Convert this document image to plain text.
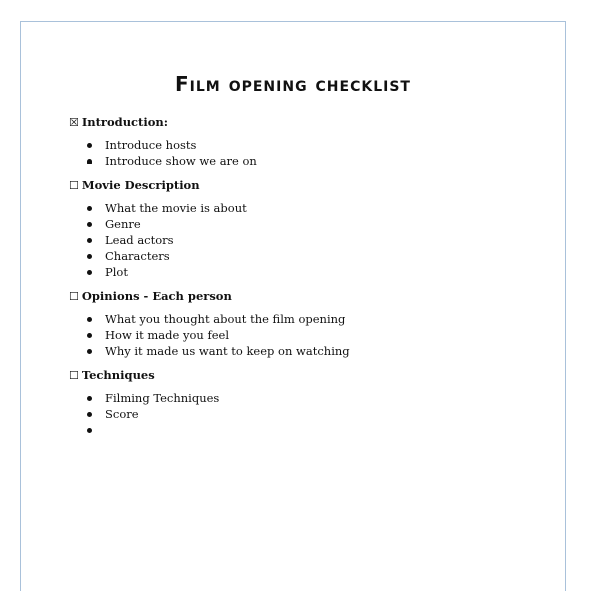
Film opening checklist
☒ Introduction:
Introduce hosts
Introduce show we are on
☐ Movie Description
What the movie is about
Genre
Lead actors
Characters
Plot
☐ Opinions - Each person
What you thought about the film opening
How it made you feel
Why it made us want to keep on watching
☐ Techniques
Filming Techniques
Score
